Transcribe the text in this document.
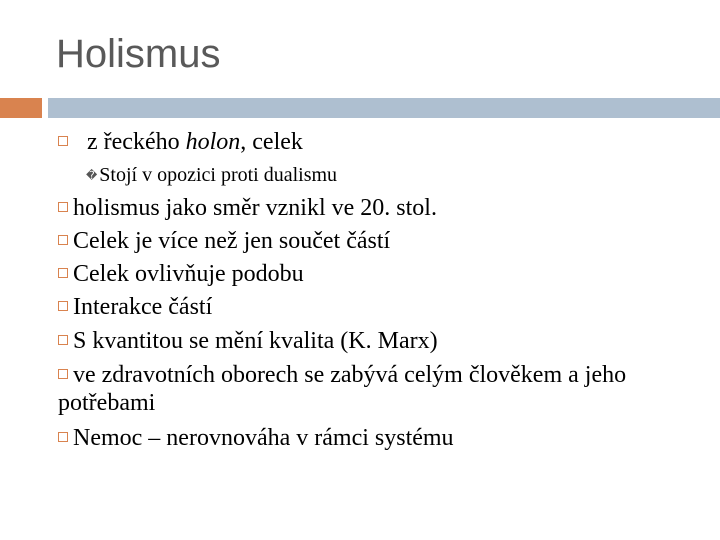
Holismus
z řeckého holon, celek
� Stojí v opozici proti dualismu
holismus jako směr vznikl ve 20. stol.
Celek je více než jen součet částí
Celek ovlivňuje podobu
Interakce částí
S kvantitou se mění kvalita (K. Marx)
ve zdravotních oborech se zabývá celým člověkem a jeho potřebami
Nemoc – nerovnováha v rámci systému
